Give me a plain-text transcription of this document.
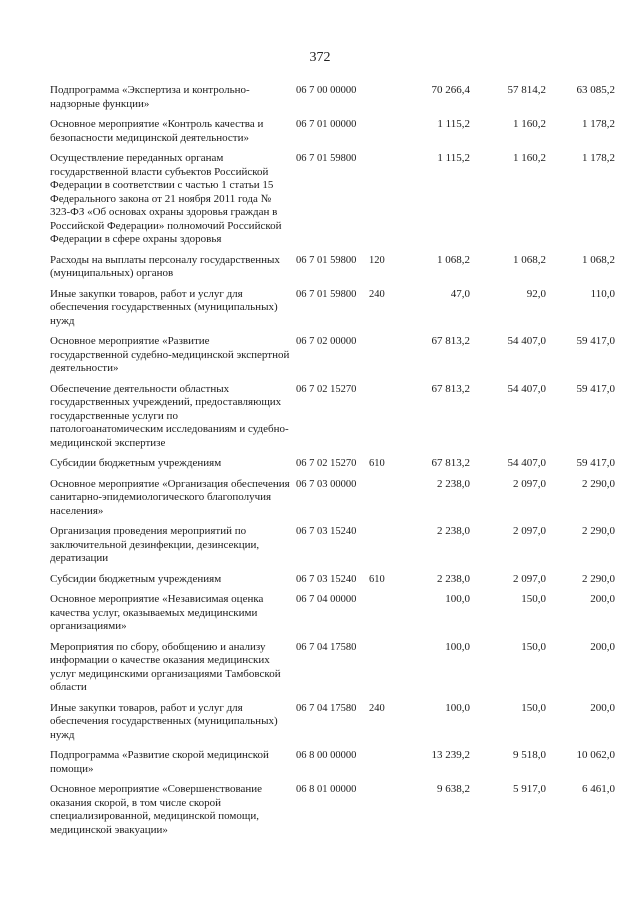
372
Подпрограмма «Экспертиза и контрольно-надзорные функции»	06 7 00 00000		70 266,4	57 814,2	63 085,2

Основное мероприятие «Контроль качества и безопасности медицинской деятельности»	06 7 01 00000		1 115,2	1 160,2	1 178,2

Осуществление переданных органам государственной власти субъектов Российской Федерации в соответствии с частью 1 статьи 15 Федерального закона от 21 ноября 2011 года № 323-ФЗ «Об основах охраны здоровья граждан в Российской Федерации» полномочий Российской Федерации в сфере охраны здоровья	06 7 01 59800		1 115,2	1 160,2	1 178,2

Расходы на выплаты персоналу государственных (муниципальных) органов	06 7 01 59800	120	1 068,2	1 068,2	1 068,2

Иные закупки товаров, работ и услуг для обеспечения государственных (муниципальных) нужд	06 7 01 59800	240	47,0	92,0	110,0

Основное мероприятие «Развитие государственной судебно-медицинской экспертной деятельности»	06 7 02 00000		67 813,2	54 407,0	59 417,0

Обеспечение деятельности областных государственных учреждений, предоставляющих государственные услуги по патологоанатомическим исследованиям и судебно-медицинской экспертизе	06 7 02 15270		67 813,2	54 407,0	59 417,0

Субсидии бюджетным учреждениям	06 7 02 15270	610	67 813,2	54 407,0	59 417,0

Основное мероприятие «Организация обеспечения санитарно-эпидемиологического благополучия населения»	06 7 03 00000		2 238,0	2 097,0	2 290,0

Организация проведения мероприятий по заключительной дезинфекции, дезинсекции, дератизации	06 7 03 15240		2 238,0	2 097,0	2 290,0

Субсидии бюджетным учреждениям	06 7 03 15240	610	2 238,0	2 097,0	2 290,0

Основное мероприятие «Независимая оценка качества услуг, оказываемых медицинскими организациями»	06 7 04 00000		100,0	150,0	200,0

Мероприятия по сбору, обобщению и анализу информации о качестве оказания медицинских услуг медицинскими организациями Тамбовской области	06 7 04 17580		100,0	150,0	200,0

Иные закупки товаров, работ и услуг для обеспечения государственных (муниципальных) нужд	06 7 04 17580	240	100,0	150,0	200,0

Подпрограмма «Развитие скорой медицинской помощи»	06 8 00 00000		13 239,2	9 518,0	10 062,0

Основное мероприятие «Совершенствование оказания скорой, в том числе скорой специализированной, медицинской помощи, медицинской эвакуации»	06 8 01 00000		9 638,2	5 917,0	6 461,0
